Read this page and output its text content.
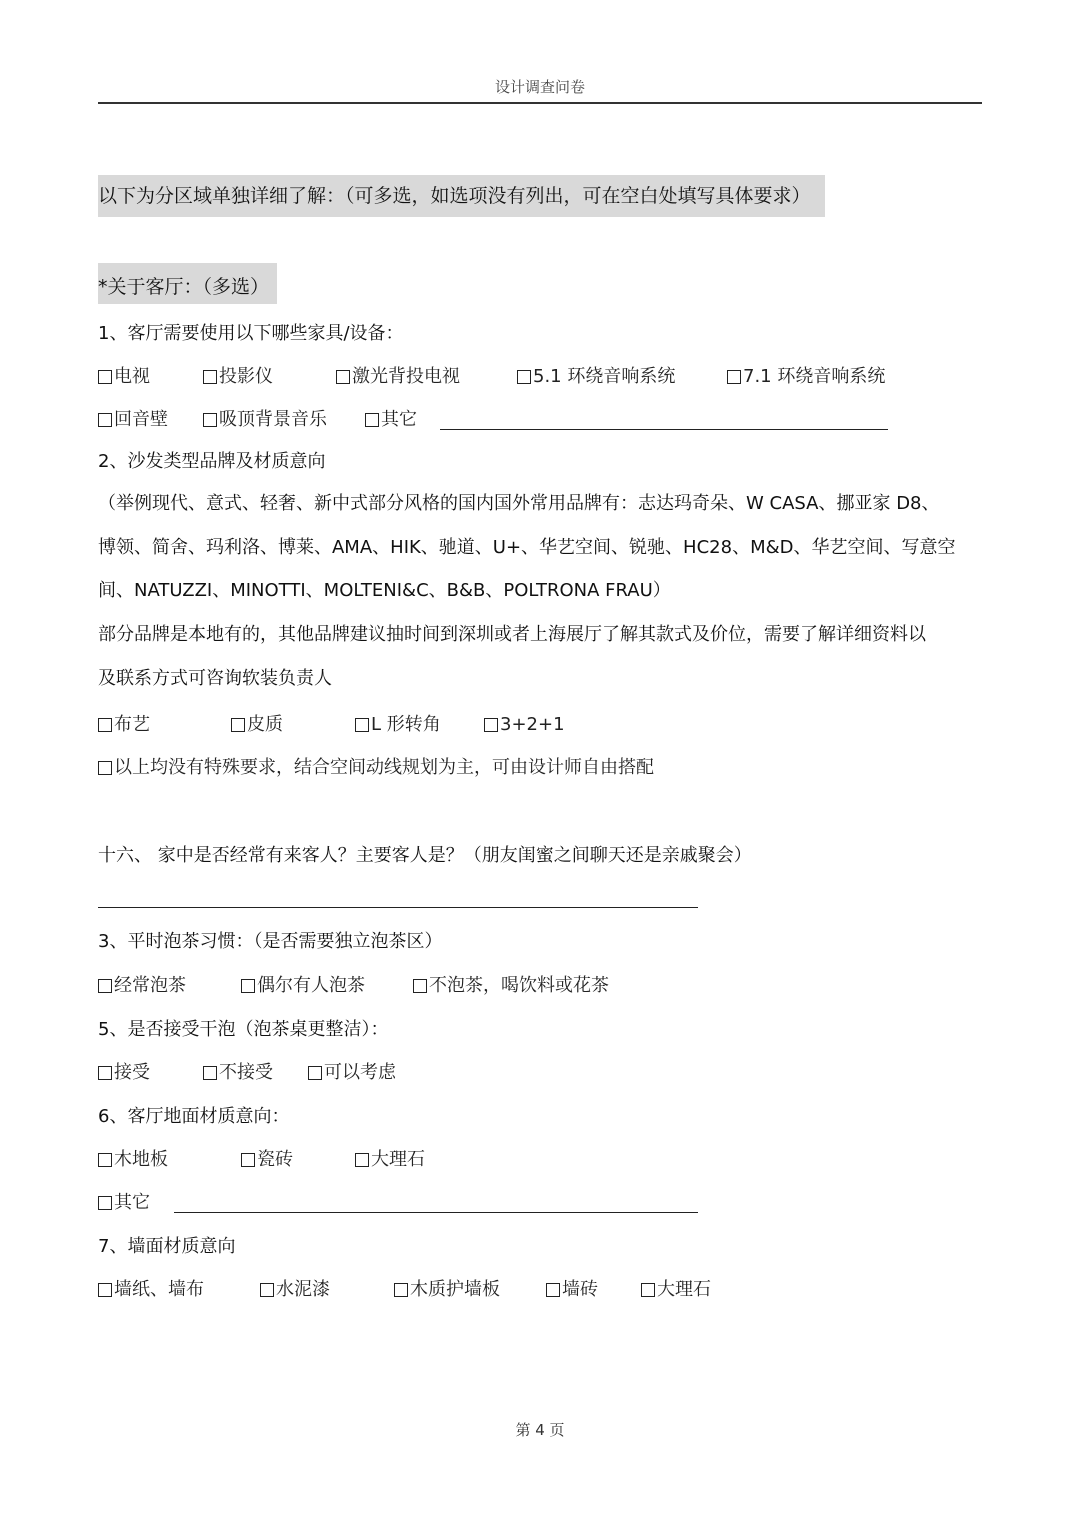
设计调查问卷
以下为分区域单独详细了解：（可多选，如选项没有列出，可在空白处填写具体要求）
*关于客厅：（多选）
1、客厅需要使用以下哪些家具/设备：
电视	投影仪	激光背投电视	5.1 环绕音响系统	7.1 环绕音响系统
回音壁	吸顶背景音乐	其它
2、沙发类型品牌及材质意向
（举例现代、意式、轻奢、新中式部分风格的国内国外常用品牌有：志达玛奇朵、W CASA、挪亚家 D8、
博领、简舍、玛利洛、博莱、AMA、HIK、驰道、U+、华艺空间、锐驰、HC28、M&D、华艺空间、写意空
间、NATUZZI、MINOTTI、MOLTENI&C、B&B、POLTRONA FRAU）
部分品牌是本地有的，其他品牌建议抽时间到深圳或者上海展厅了解其款式及价位，需要了解详细资料以
及联系方式可咨询软装负责人
布艺	皮质	L 形转角	3+2+1
以上均没有特殊要求，结合空间动线规划为主，可由设计师自由搭配
十六、 家中是否经常有来客人？主要客人是？（朋友闺蜜之间聊天还是亲戚聚会）
3、平时泡茶习惯：（是否需要独立泡茶区）
经常泡茶	偶尔有人泡茶	不泡茶，喝饮料或花茶
5、是否接受干泡（泡茶桌更整洁）：
接受	不接受	可以考虑
6、客厅地面材质意向：
木地板	瓷砖	大理石
其它
7、墙面材质意向
墙纸、墙布	水泥漆	木质护墙板	墙砖	大理石
第 4 页
